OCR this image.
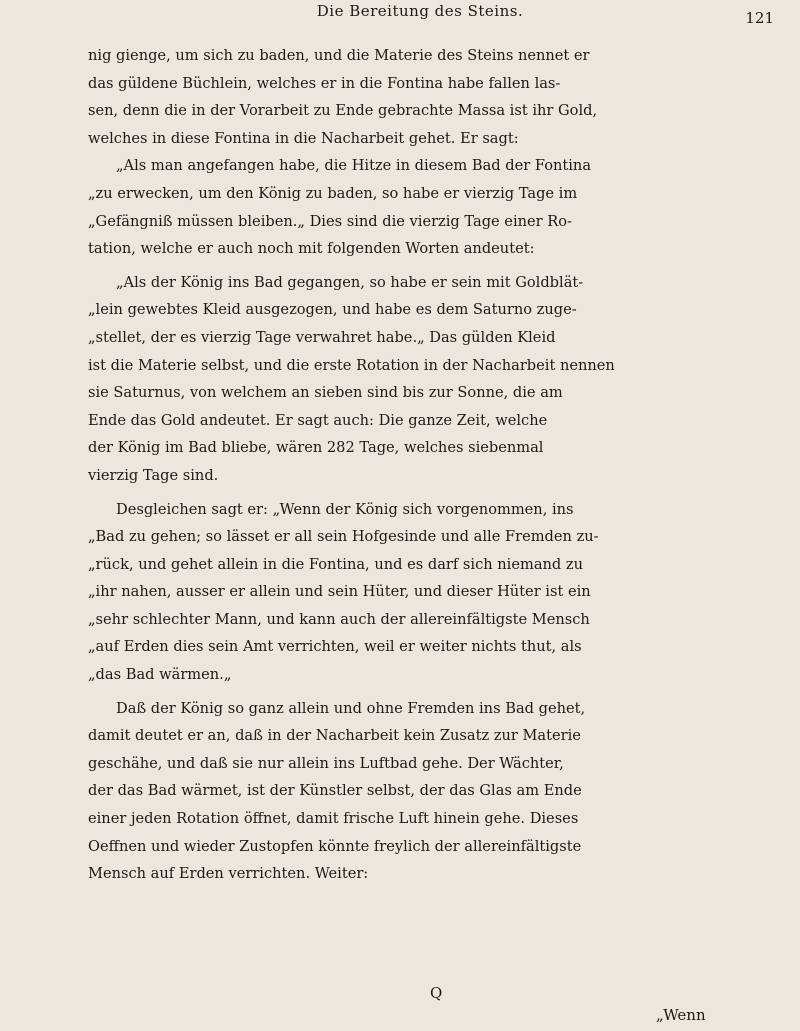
Die Bereitung des Steins.	121
nig gienge, um sich zu baden, und die Materie des Steins nennet er
das güldene Büchlein, welches er in die Fontina habe fallen las-
sen, denn die in der Vorarbeit zu Ende gebrachte Massa ist ihr Gold,
welches in diese Fontina in die Nacharbeit gehet. Er sagt:
„Als man angefangen habe, die Hitze in diesem Bad der Fontina
„zu erwecken, um den König zu baden, so habe er vierzig Tage im
„Gefängniß müssen bleiben.„ Dies sind die vierzig Tage einer Ro-
tation, welche er auch noch mit folgenden Worten andeutet:
„Als der König ins Bad gegangen, so habe er sein mit Goldblät-
„lein gewebtes Kleid ausgezogen, und habe es dem Saturno zuge-
„stellet, der es vierzig Tage verwahret habe.„ Das gülden Kleid
ist die Materie selbst, und die erste Rotation in der Nacharbeit nennen
sie Saturnus, von welchem an sieben sind bis zur Sonne, die am
Ende das Gold andeutet. Er sagt auch: Die ganze Zeit, welche
der König im Bad bliebe, wären 282 Tage, welches siebenmal
vierzig Tage sind.
Desgleichen sagt er: „Wenn der König sich vorgenommen, ins
„Bad zu gehen; so lässet er all sein Hofgesinde und alle Fremden zu-
„rück, und gehet allein in die Fontina, und es darf sich niemand zu
„ihr nahen, ausser er allein und sein Hüter, und dieser Hüter ist ein
„sehr schlechter Mann, und kann auch der allereinfältigste Mensch
„auf Erden dies sein Amt verrichten, weil er weiter nichts thut, als
„das Bad wärmen.„
Daß der König so ganz allein und ohne Fremden ins Bad gehet,
damit deutet er an, daß in der Nacharbeit kein Zusatz zur Materie
geschähe, und daß sie nur allein ins Luftbad gehe. Der Wächter,
der das Bad wärmet, ist der Künstler selbst, der das Glas am Ende
einer jeden Rotation öffnet, damit frische Luft hinein gehe. Dieses
Oeffnen und wieder Zustopfen könnte freylich der allereinfältigste
Mensch auf Erden verrichten. Weiter:
Q
„Wenn
